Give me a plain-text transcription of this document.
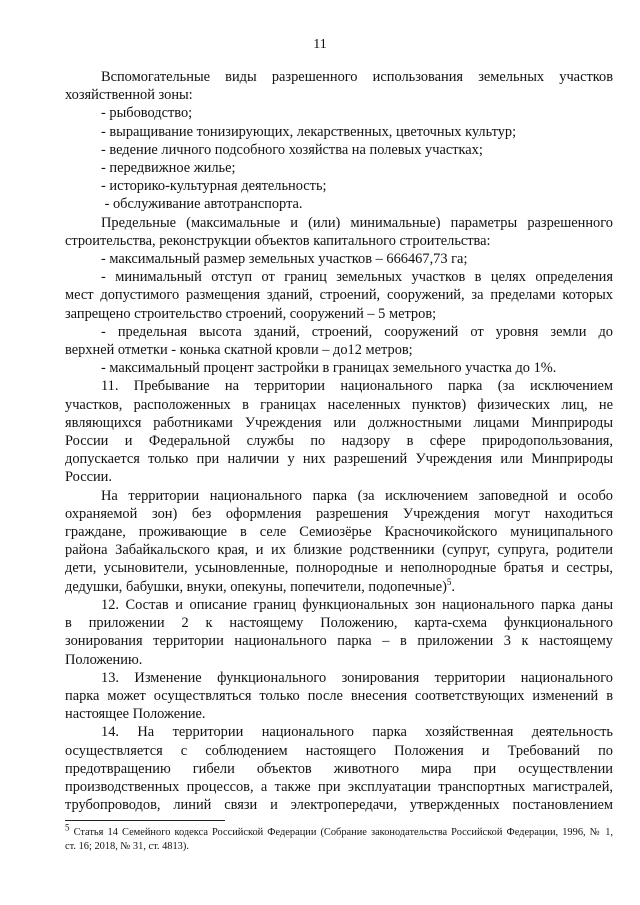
11
Вспомогательные виды разрешенного использования земельных участков
хозяйственной зоны:
- рыбоводство;
- выращивание тонизирующих, лекарственных, цветочных культур;
- ведение личного подсобного хозяйства на полевых участках;
- передвижное жилье;
- историко-культурная деятельность;
- обслуживание автотранспорта.
Предельные (максимальные и (или) минимальные) параметры разрешенного
строительства, реконструкции объектов капитального строительства:
- максимальный размер земельных участков – 666467,73 га;
- минимальный отступ от границ земельных участков в целях определения
мест допустимого размещения зданий, строений, сооружений, за пределами которых
запрещено строительство строений, сооружений – 5 метров;
- предельная высота зданий, строений, сооружений от уровня земли до
верхней отметки - конька скатной кровли – до12 метров;
- максимальный процент застройки в границах земельного участка до 1%.
11. Пребывание на территории национального парка (за исключением
участков, расположенных в границах населенных пунктов) физических лиц, не
являющихся работниками Учреждения или должностными лицами Минприроды
России и Федеральной службы по надзору в сфере природопользования,
допускается только при наличии у них разрешений Учреждения или Минприроды
России.
На территории национального парка (за исключением заповедной и особо
охраняемой зон) без оформления разрешения Учреждения могут находиться
граждане, проживающие в селе Семиозёрье Красночикойского муниципального
района Забайкальского края, и их близкие родственники (супруг, супруга, родители
дети, усыновители, усыновленные, полнородные и неполнородные братья и сестры,
дедушки, бабушки, внуки, опекуны, попечители, подопечные)$^5$.
12. Состав и описание границ функциональных зон национального парка даны
в приложении 2 к настоящему Положению, карта-схема функционального
зонирования территории национального парка – в приложении 3 к настоящему
Положению.
13. Изменение функционального зонирования территории национального
парка может осуществляться только после внесения соответствующих изменений в
настоящее Положение.
14. На территории национального парка хозяйственная деятельность
осуществляется с соблюдением настоящего Положения и Требований по
предотвращению гибели объектов животного мира при осуществлении
производственных процессов, а также при эксплуатации транспортных магистралей,
трубопроводов, линий связи и электропередачи, утвержденных постановлением
$^5$ Статья 14 Семейного кодекса Российской Федерации (Собрание законодательства Российской Федерации, 1996, № 1,
ст. 16; 2018, № 31, ст. 4813).
